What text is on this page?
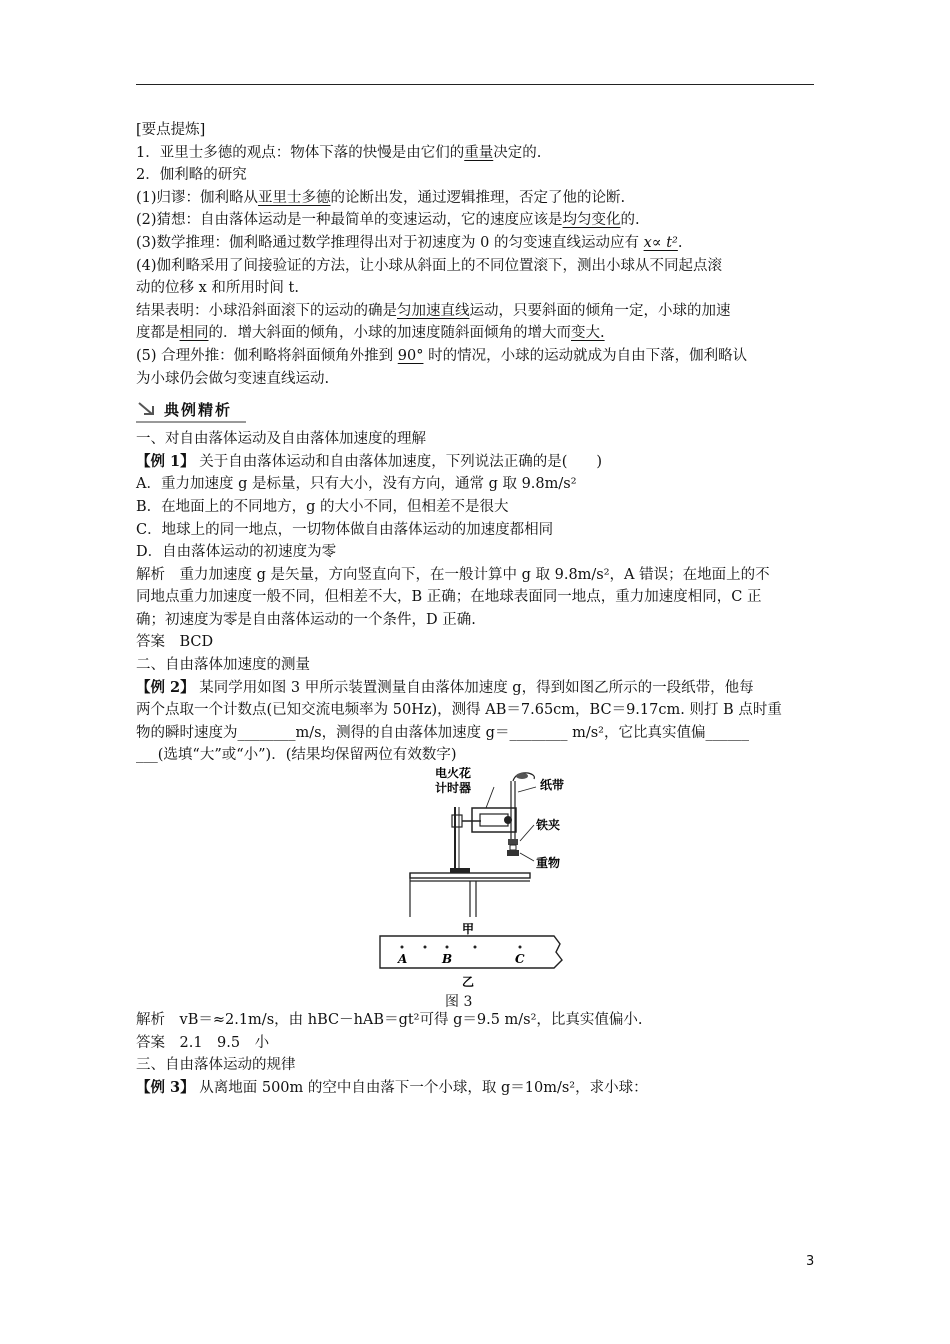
[要点提炼]
1．亚里士多德的观点：物体下落的快慢是由它们的重量决定的.
2．伽利略的研究
(1)归谬：伽利略从亚里士多德的论断出发，通过逻辑推理，否定了他的论断.
(2)猜想：自由落体运动是一种最简单的变速运动，它的速度应该是均匀变化的.
(3)数学推理：伽利略通过数学推理得出对于初速度为 0 的匀变速直线运动应有 x∝ t².
(4)伽利略采用了间接验证的方法，让小球从斜面上的不同位置滚下，测出小球从不同起点滚
动的位移 x 和所用时间 t.
结果表明：小球沿斜面滚下的运动的确是匀加速直线运动，只要斜面的倾角一定，小球的加速
度都是相同的．增大斜面的倾角，小球的加速度随斜面倾角的增大而变大.
(5) 合理外推：伽利略将斜面倾角外推到 90° 时的情况，小球的运动就成为自由下落，伽利略认
为小球仍会做匀变速直线运动.
典例精析
一、对自由落体运动及自由落体加速度的理解
【例 1】 关于自由落体运动和自由落体加速度，下列说法正确的是(　　)
A．重力加速度 g 是标量，只有大小，没有方向，通常 g 取 9.8m/s²
B．在地面上的不同地方，g 的大小不同，但相差不是很大
C．地球上的同一地点，一切物体做自由落体运动的加速度都相同
D．自由落体运动的初速度为零
解析　重力加速度 g 是矢量，方向竖直向下，在一般计算中 g 取 9.8m/s²，A 错误；在地面上的不
同地点重力加速度一般不同，但相差不大，B 正确；在地球表面同一地点，重力加速度相同，C 正
确；初速度为零是自由落体运动的一个条件，D 正确.
答案　BCD
二、自由落体加速度的测量
【例 2】 某同学用如图 3 甲所示装置测量自由落体加速度 g，得到如图乙所示的一段纸带，他每
两个点取一个计数点(已知交流电频率为 50Hz)，测得 AB＝7.65cm，BC＝9.17cm. 则打 B 点时重
物的瞬时速度为________m/s，测得的自由落体加速度 g＝________ m/s²，它比真实值偏______
___(选填“大”或“小”)．(结果均保留两位有效数字)
电火花
计时器	纸带
铁夹
重物
甲
A	B	C
乙
图 3
解析　vB＝≈2.1m/s，由 hBC－hAB＝gt²可得 g＝9.5 m/s²，比真实值偏小.
答案　2.1　9.5　小
三、自由落体运动的规律
【例 3】 从离地面 500m 的空中自由落下一个小球，取 g＝10m/s²，求小球：
3
